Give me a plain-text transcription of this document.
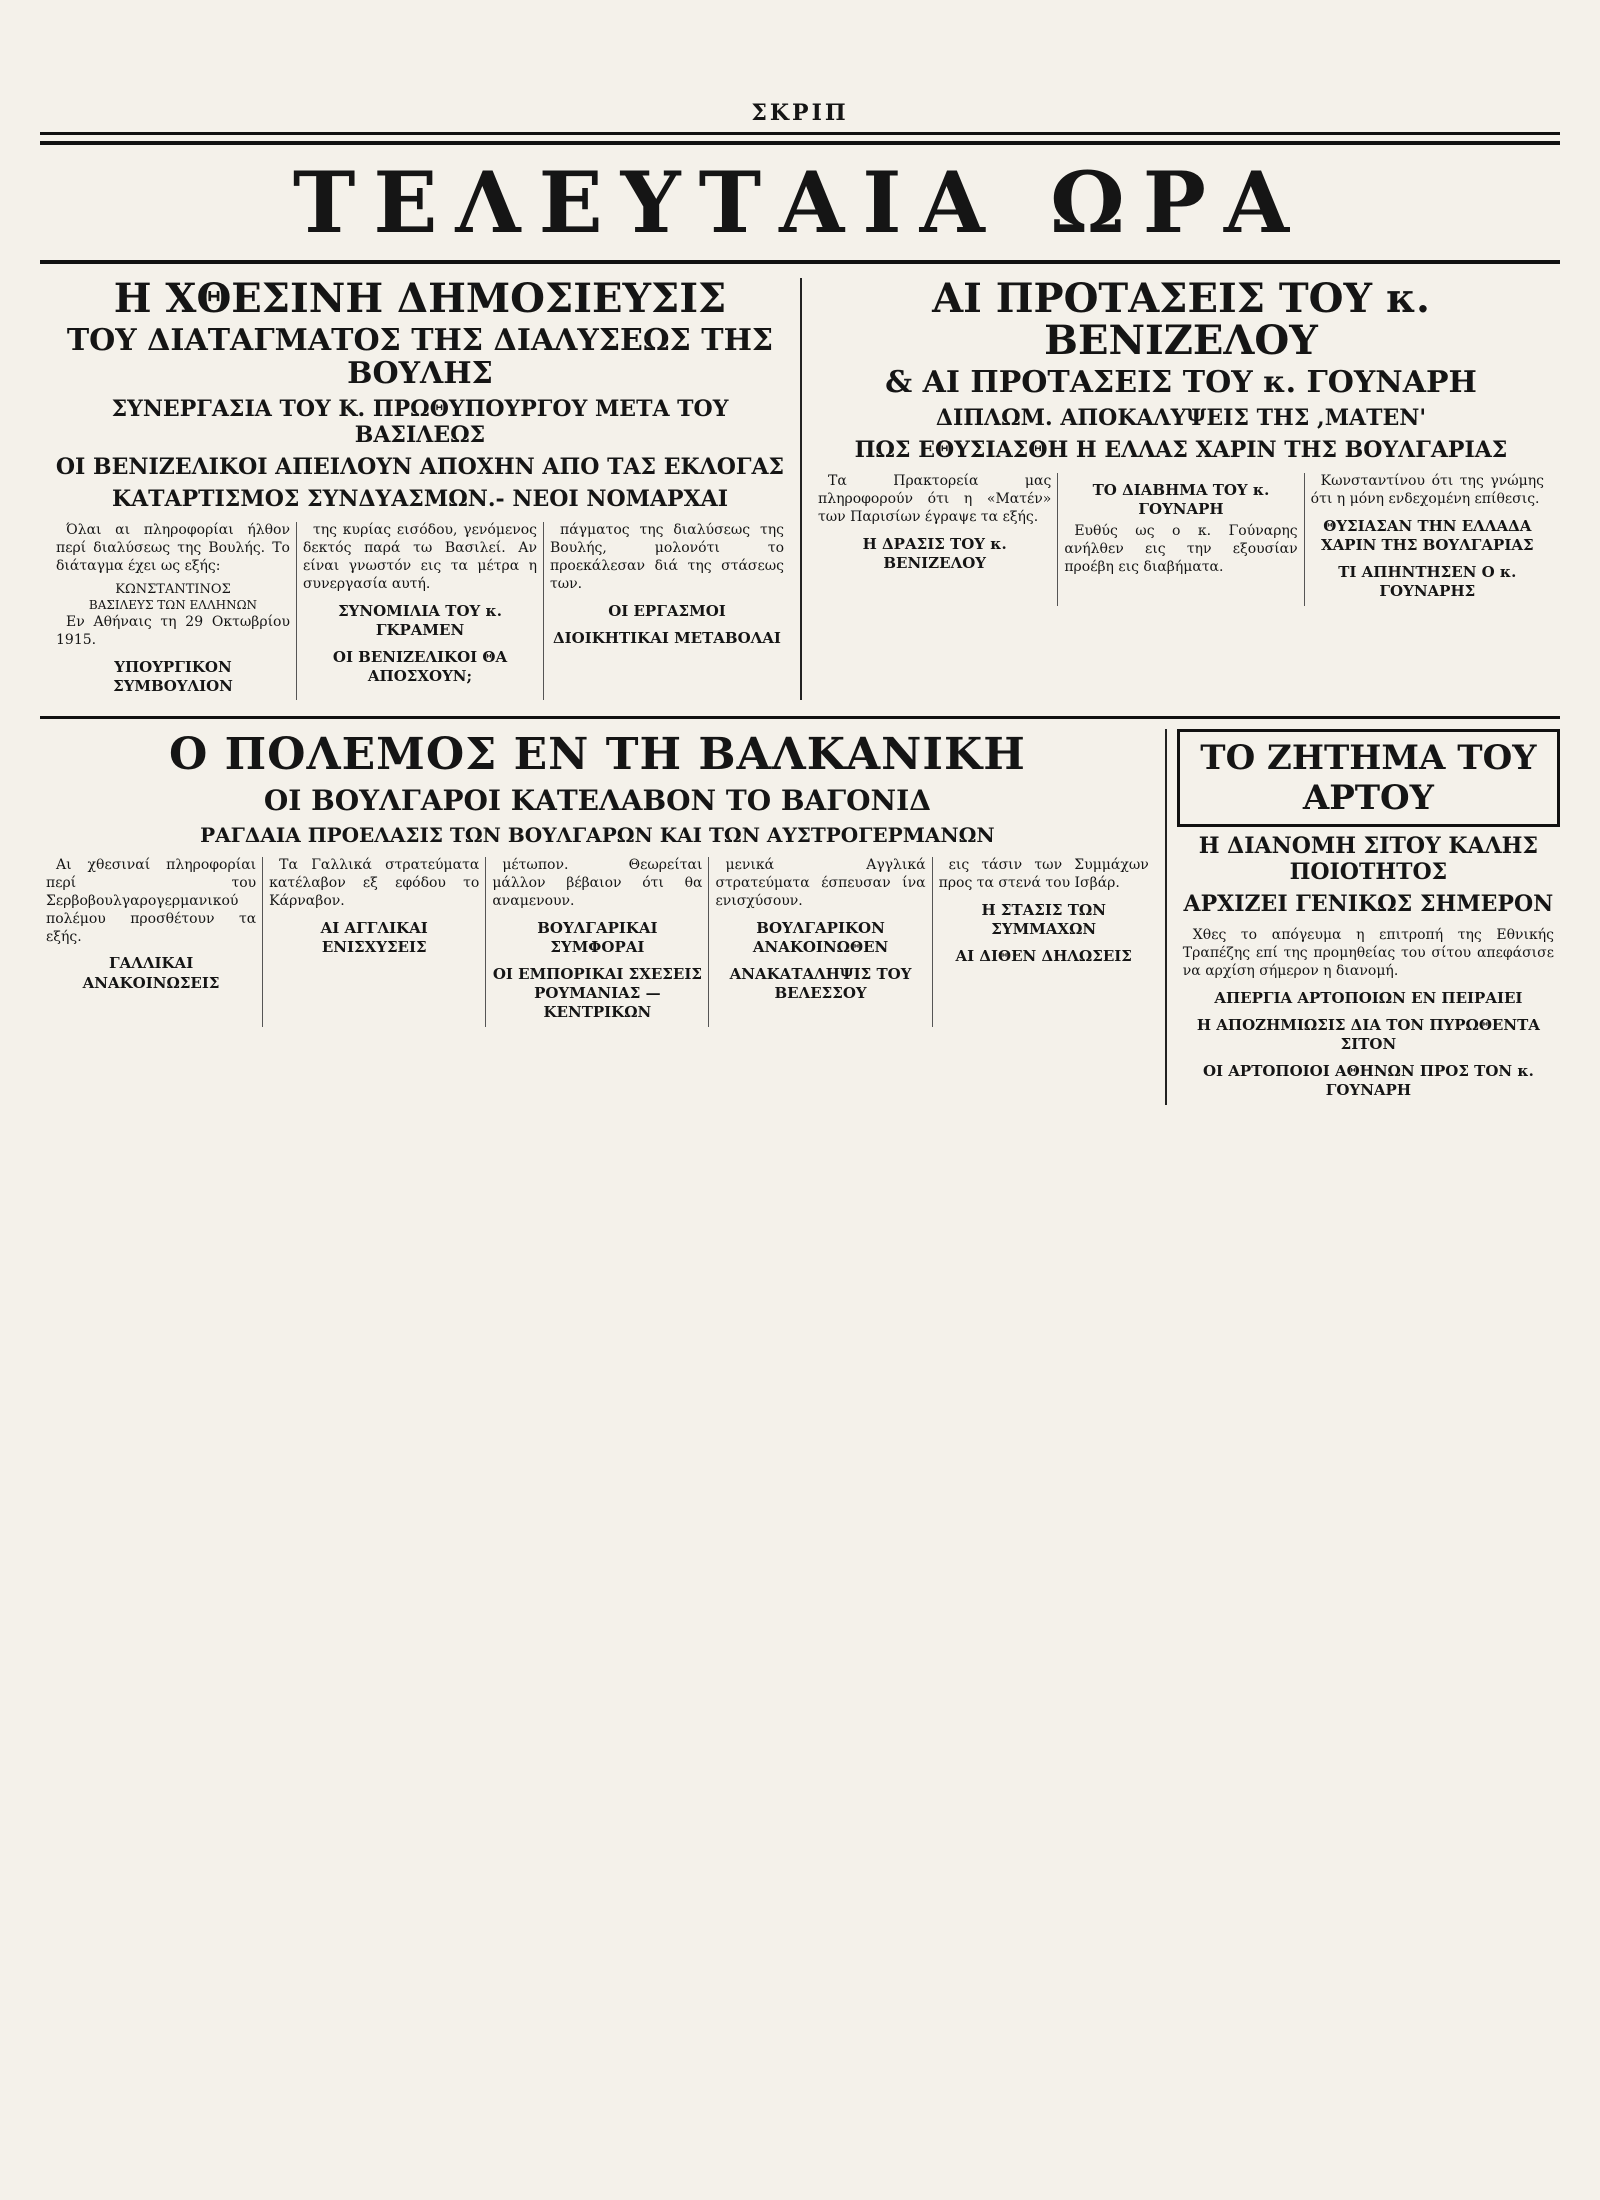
ΣΚΡΙΠ
ΤΕΛΕΥΤΑΙΑ ΩΡΑ
Η ΧΘΕΣΙΝΗ ΔΗΜΟΣΙΕΥΣΙΣ
ΤΟΥ ΔΙΑΤΑΓΜΑΤΟΣ ΤΗΣ ΔΙΑΛΥΣΕΩΣ ΤΗΣ ΒΟΥΛΗΣ
ΣΥΝΕΡΓΑΣΙΑ ΤΟΥ Κ. ΠΡΩΘΥΠΟΥΡΓΟΥ ΜΕΤΑ ΤΟΥ ΒΑΣΙΛΕΩΣ
ΟΙ ΒΕΝΙΖΕΛΙΚΟΙ ΑΠΕΙΛΟΥΝ ΑΠΟΧΗΝ ΑΠΟ ΤΑΣ ΕΚΛΟΓΑΣ
ΚΑΤΑΡΤΙΣΜΟΣ ΣΥΝΔΥΑΣΜΩΝ.- ΝΕΟΙ ΝΟΜΑΡΧΑΙ

Όλαι αι πληροφορίαι ήλθον περί διαλύσεως της Βουλής. Το διάταγμα έχει ως εξής:

ΚΩΝΣΤΑΝΤΙΝΟΣ
ΒΑΣΙΛΕΥΣ ΤΩΝ ΕΛΛΗΝΩΝ

Εν Αθήναις τη 29 Οκτωβρίου 1915.

ΥΠΟΥΡΓΙΚΟΝ ΣΥΜΒΟΥΛΙΟΝ

της κυρίας εισόδου, γενόμενος δεκτός παρά τω Βασιλεί. Αν είναι γνωστόν εις τα μέτρα η συνεργασία αυτή.

ΣΥΝΟΜΙΛΙΑ ΤΟΥ κ. ΓΚΡΑΜΕΝ
ΟΙ ΒΕΝΙΖΕΛΙΚΟΙ ΘΑ ΑΠΟΣΧΟΥΝ;

πάγματος της διαλύσεως της Βουλής, μολονότι το προεκάλεσαν διά της στάσεως των.

ΟΙ ΕΡΓΑΣΜΟΙ
ΔΙΟΙΚΗΤΙΚΑΙ ΜΕΤΑΒΟΛΑΙ
ΑΙ ΠΡΟΤΑΣΕΙΣ ΤΟΥ κ. ΒΕΝΙΖΕΛΟΥ
& ΑΙ ΠΡΟΤΑΣΕΙΣ ΤΟΥ κ. ΓΟΥΝΑΡΗ
ΔΙΠΛΩΜ. ΑΠΟΚΑΛΥΨΕΙΣ ΤΗΣ ,ΜΑΤΕΝ'
ΠΩΣ ΕΘΥΣΙΑΣΘΗ Η ΕΛΛΑΣ ΧΑΡΙΝ ΤΗΣ ΒΟΥΛΓΑΡΙΑΣ

Τα Πρακτορεία μας πληροφορούν ότι η «Ματέν» των Παρισίων έγραψε τα εξής.

Η ΔΡΑΣΙΣ ΤΟΥ κ. ΒΕΝΙΖΕΛΟΥ
ΤΟ ΔΙΑΒΗΜΑ ΤΟΥ κ. ΓΟΥΝΑΡΗ

Ευθύς ως ο κ. Γούναρης ανήλθεν εις την εξουσίαν προέβη εις διαβήματα.

Κωνσταντίνου ότι της γνώμης ότι η μόνη ενδεχομένη επίθεσις.

ΘΥΣΙΑΣΑΝ ΤΗΝ ΕΛΛΑΔΑ ΧΑΡΙΝ ΤΗΣ ΒΟΥΛΓΑΡΙΑΣ
ΤΙ ΑΠΗΝΤΗΣΕΝ Ο κ. ΓΟΥΝΑΡΗΣ
Ο ΠΟΛΕΜΟΣ ΕΝ ΤΗ ΒΑΛΚΑΝΙΚΗ
ΟΙ ΒΟΥΛΓΑΡΟΙ ΚΑΤΕΛΑΒΟΝ ΤΟ ΒΑΓΟΝΙΔ
ΡΑΓΔΑΙΑ ΠΡΟΕΛΑΣΙΣ ΤΩΝ ΒΟΥΛΓΑΡΩΝ ΚΑΙ ΤΩΝ ΑΥΣΤΡΟΓΕΡΜΑΝΩΝ

Αι χθεσιναί πληροφορίαι περί του Σερβοβουλγαρογερμανικού πολέμου προσθέτουν τα εξής.

ΓΑΛΛΙΚΑΙ ΑΝΑΚΟΙΝΩΣΕΙΣ

Τα Γαλλικά στρατεύματα κατέλαβον εξ εφόδου το Κάρναβον.

ΑΙ ΑΓΓΛΙΚΑΙ ΕΝΙΣΧΥΣΕΙΣ

μέτωπον. Θεωρείται μάλλον βέβαιον ότι θα αναμενουν.

ΒΟΥΛΓΑΡΙΚΑΙ ΣΥΜΦΟΡΑΙ
ΟΙ ΕΜΠΟΡΙΚΑΙ ΣΧΕΣΕΙΣ ΡΟΥΜΑΝΙΑΣ — ΚΕΝΤΡΙΚΩΝ

μενικά Αγγλικά στρατεύματα έσπευσαν ίνα ενισχύσουν.

ΒΟΥΛΓΑΡΙΚΟΝ ΑΝΑΚΟΙΝΩΘΕΝ
ΑΝΑΚΑΤΑΛΗΨΙΣ ΤΟΥ ΒΕΛΕΣΣΟΥ

εις τάσιν των Συμμάχων προς τα στενά του Ισβάρ.

Η ΣΤΑΣΙΣ ΤΩΝ ΣΥΜΜΑΧΩΝ
ΑΙ ΔΙΘΕΝ ΔΗΛΩΣΕΙΣ
ΤΟ ΖΗΤΗΜΑ ΤΟΥ ΑΡΤΟΥ
Η ΔΙΑΝΟΜΗ ΣΙΤΟΥ ΚΑΛΗΣ ΠΟΙΟΤΗΤΟΣ
ΑΡΧΙΖΕΙ ΓΕΝΙΚΩΣ ΣΗΜΕΡΟΝ

Χθες το απόγευμα η επιτροπή της Εθνικής Τραπέζης επί της προμηθείας του σίτου απεφάσισε να αρχίση σήμερον η διανομή.

ΑΠΕΡΓΙΑ ΑΡΤΟΠΟΙΩΝ ΕΝ ΠΕΙΡΑΙΕΙ
Η ΑΠΟΖΗΜΙΩΣΙΣ ΔΙΑ ΤΟΝ ΠΥΡΩΘΕΝΤΑ ΣΙΤΟΝ
ΟΙ ΑΡΤΟΠΟΙΟΙ ΑΘΗΝΩΝ ΠΡΟΣ ΤΟΝ κ. ΓΟΥΝΑΡΗ
